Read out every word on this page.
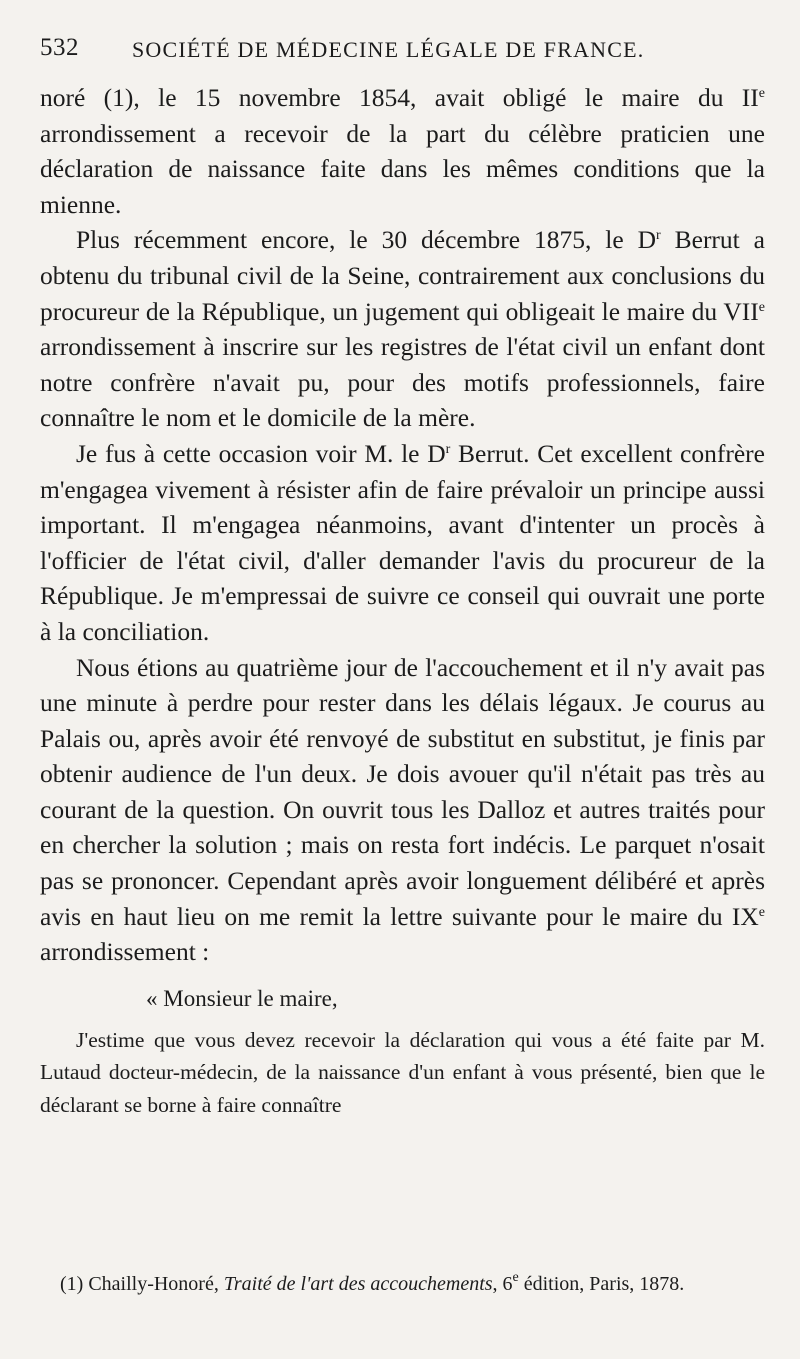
532 SOCIÉTÉ DE MÉDECINE LÉGALE DE FRANCE.

noré (1), le 15 novembre 1854, avait obligé le maire du IIe arrondissement a recevoir de la part du célèbre praticien une déclaration de naissance faite dans les mêmes conditions que la mienne.

Plus récemment encore, le 30 décembre 1875, le $D^r$ Berrut a obtenu du tribunal civil de la Seine, contrairement aux conclusions du procureur de la République, un jugement qui obligeait le maire du VIIe arrondissement à inscrire sur les registres de l'état civil un enfant dont notre confrère n'avait pu, pour des motifs professionnels, faire connaître le nom et le domicile de la mère.

Je fus à cette occasion voir M. le $D^r$ Berrut. Cet excellent confrère m'engagea vivement à résister afin de faire prévaloir un principe aussi important. Il m'engagea néanmoins, avant d'intenter un procès à l'officier de l'état civil, d'aller demander l'avis du procureur de la République. Je m'empressai de suivre ce conseil qui ouvrait une porte à la conciliation.

Nous étions au quatrième jour de l'accouchement et il n'y avait pas une minute à perdre pour rester dans les délais légaux. Je courus au Palais ou, après avoir été renvoyé de substitut en substitut, je finis par obtenir audience de l'un deux. Je dois avouer qu'il n'était pas très au courant de la question. On ouvrit tous les Dalloz et autres traités pour en chercher la solution ; mais on resta fort indécis. Le parquet n'osait pas se prononcer. Cependant après avoir longuement délibéré et après avis en haut lieu on me remit la lettre suivante pour le maire du IXe arrondissement :

« Monsieur le maire,

J'estime que vous devez recevoir la déclaration qui vous a été faite par M. Lutaud docteur-médecin, de la naissance d'un enfant à vous présenté, bien que le déclarant se borne à faire connaître

(1) Chailly-Honoré, Traité de l'art des accouchements, 6e édition, Paris, 1878.
